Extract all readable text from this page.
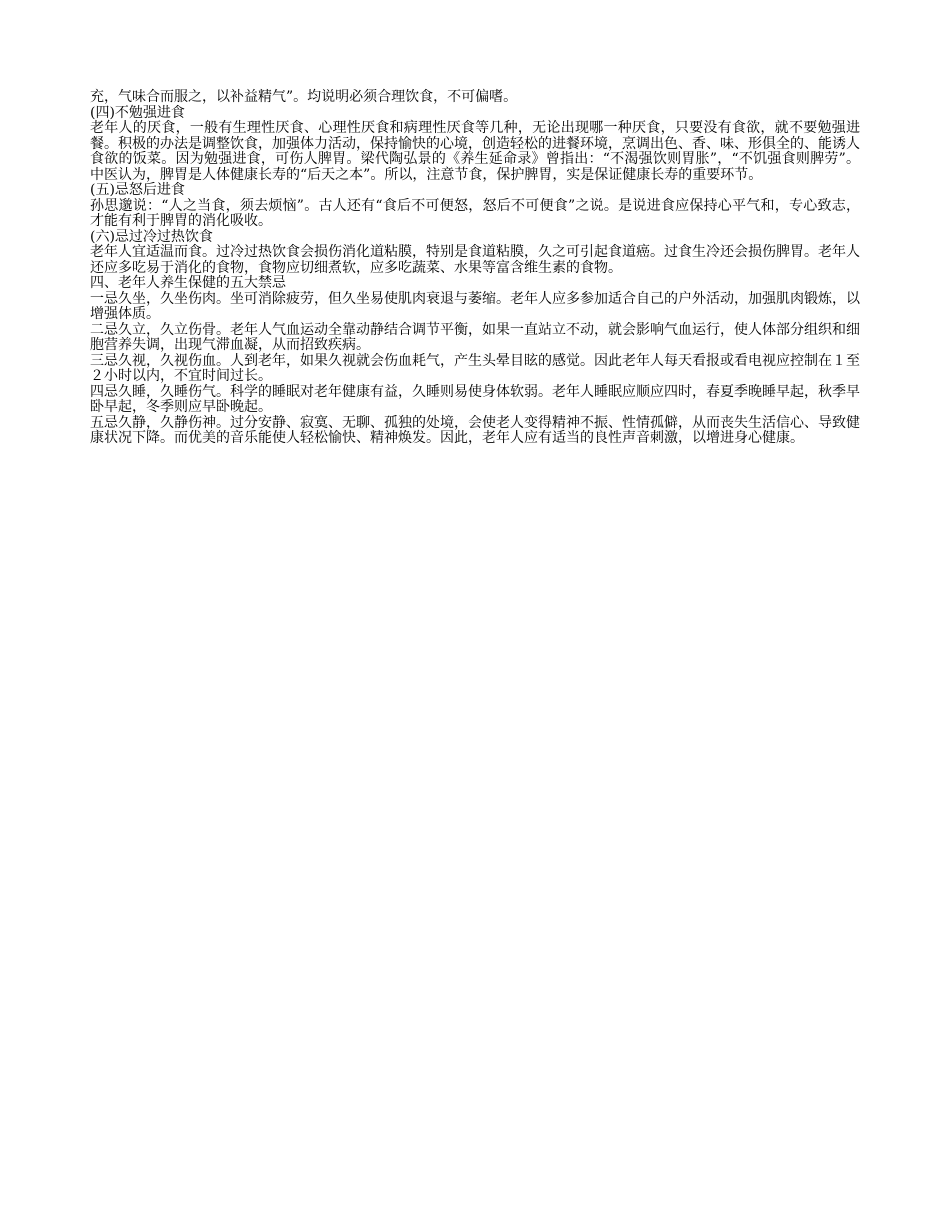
充，气味合而服之，以补益精气”。均说明必须合理饮食，不可偏嗜。
(四)不勉强进食
老年人的厌食，一般有生理性厌食、心理性厌食和病理性厌食等几种，无论出现哪一种厌食，只要没有食欲，就不要勉强进餐。积极的办法是调整饮食，加强体力活动，保持愉快的心境，创造轻松的进餐环境，烹调出色、香、味、形俱全的、能诱人食欲的饭菜。因为勉强进食，可伤人脾胃。梁代陶弘景的《养生延命录》曾指出：“不渴强饮则胃胀”，“不饥强食则脾劳”。中医认为，脾胃是人体健康长寿的“后天之本”。所以，注意节食，保护脾胃，实是保证健康长寿的重要环节。
(五)忌怒后进食
孙思邈说：“人之当食，须去烦恼”。古人还有“食后不可便怒，怒后不可便食”之说。是说进食应保持心平气和，专心致志，才能有利于脾胃的消化吸收。
(六)忌过冷过热饮食
老年人宜适温而食。过冷过热饮食会损伤消化道粘膜，特别是食道粘膜，久之可引起食道癌。过食生冷还会损伤脾胃。老年人还应多吃易于消化的食物，食物应切细煮软，应多吃蔬菜、水果等富含维生素的食物。
四、老年人养生保健的五大禁忌
一忌久坐，久坐伤肉。坐可消除疲劳，但久坐易使肌肉衰退与萎缩。老年人应多参加适合自己的户外活动，加强肌肉锻炼，以增强体质。
二忌久立，久立伤骨。老年人气血运动全靠动静结合调节平衡，如果一直站立不动，就会影响气血运行，使人体部分组织和细胞营养失调，出现气滞血凝，从而招致疾病。
三忌久视，久视伤血。人到老年，如果久视就会伤血耗气，产生头晕目眩的感觉。因此老年人每天看报或看电视应控制在１至２小时以内，不宜时间过长。
四忌久睡，久睡伤气。科学的睡眠对老年健康有益，久睡则易使身体软弱。老年人睡眠应顺应四时，春夏季晚睡早起，秋季早卧早起，冬季则应早卧晚起。
五忌久静，久静伤神。过分安静、寂寞、无聊、孤独的处境，会使老人变得精神不振、性情孤僻，从而丧失生活信心、导致健康状况下降。而优美的音乐能使人轻松愉快、精神焕发。因此，老年人应有适当的良性声音刺激，以增进身心健康。
